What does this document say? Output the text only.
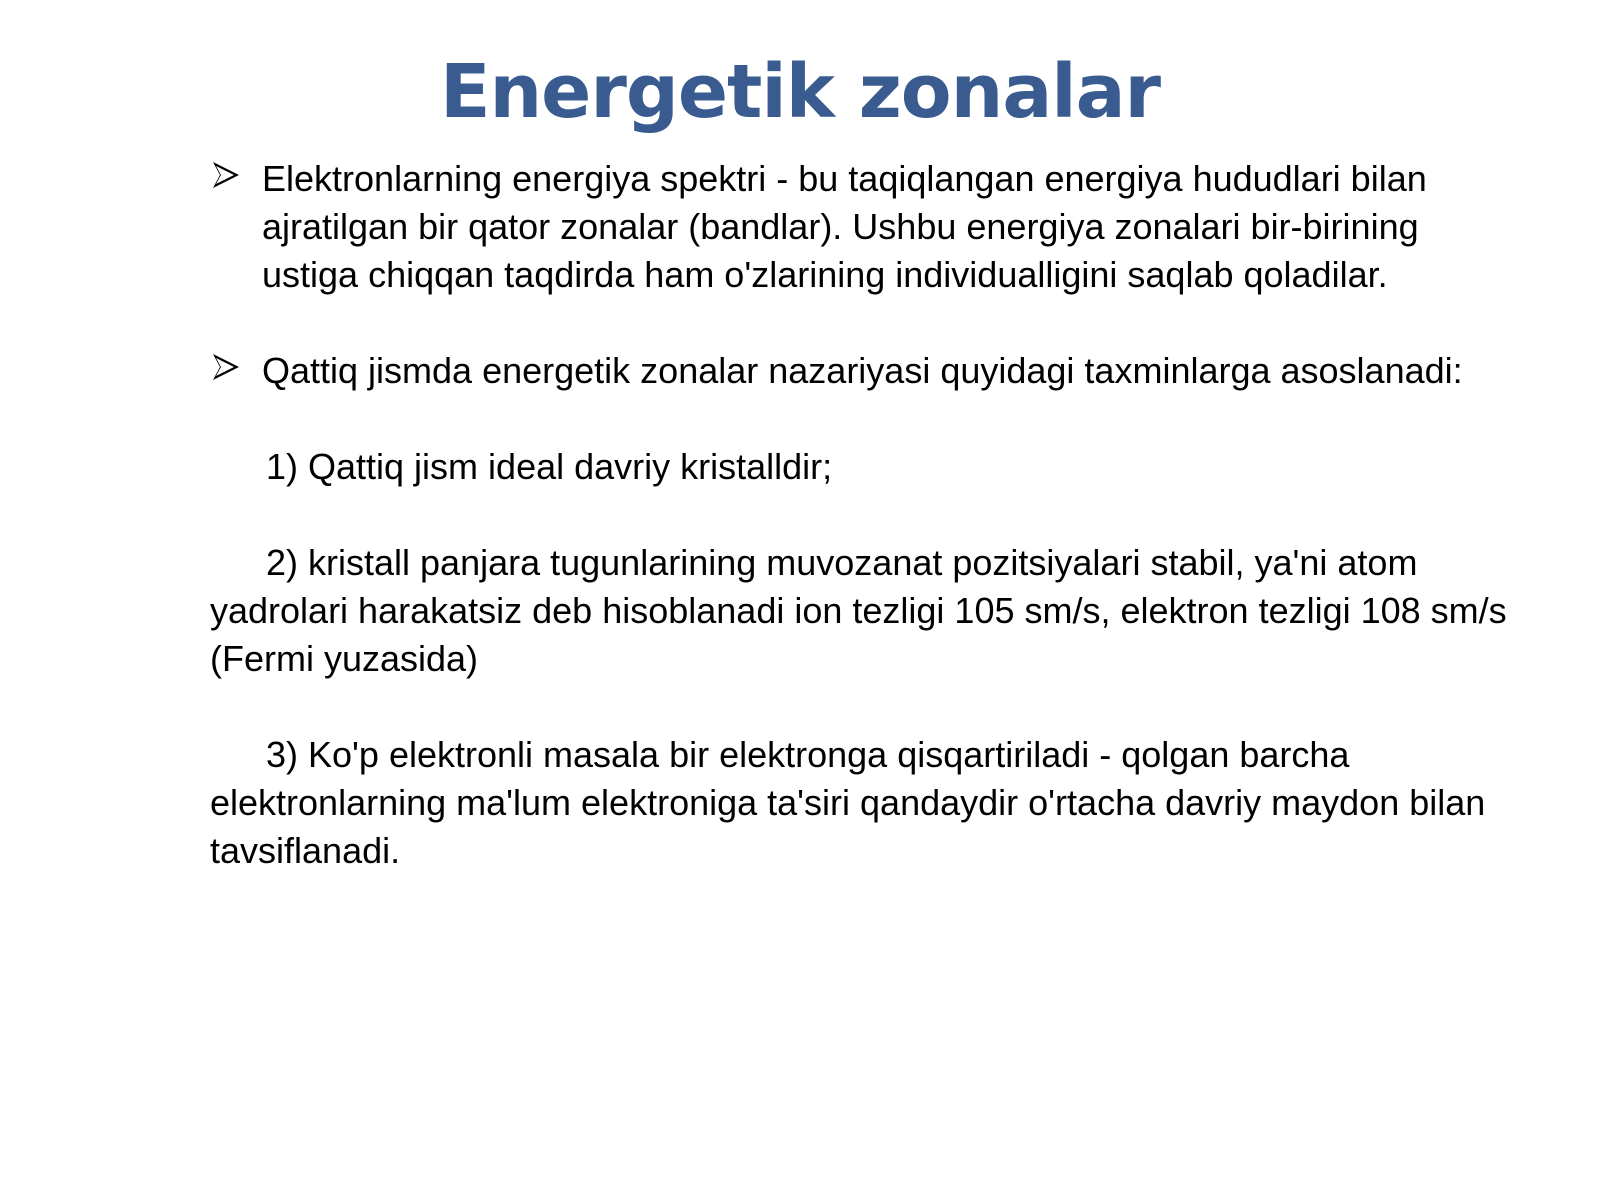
Energetik zonalar

Elektronlarning energiya spektri - bu taqiqlangan energiya hududlari bilan ajratilgan bir qator zonalar (bandlar). Ushbu energiya zonalari bir-birining ustiga chiqqan taqdirda ham o'zlarining individualligini saqlab qoladilar.

Qattiq jismda energetik zonalar nazariyasi quyidagi taxminlarga asoslanadi:

1) Qattiq jism ideal davriy kristalldir;

2) kristall panjara tugunlarining muvozanat pozitsiyalari stabil, ya'ni atom yadrolari harakatsiz deb hisoblanadi ion tezligi 105 sm/s, elektron tezligi 108 sm/s (Fermi yuzasida)

3) Ko'p elektronli masala bir elektronga qisqartiriladi - qolgan barcha elektronlarning ma'lum elektroniga ta'siri qandaydir o'rtacha davriy maydon bilan tavsiflanadi.
